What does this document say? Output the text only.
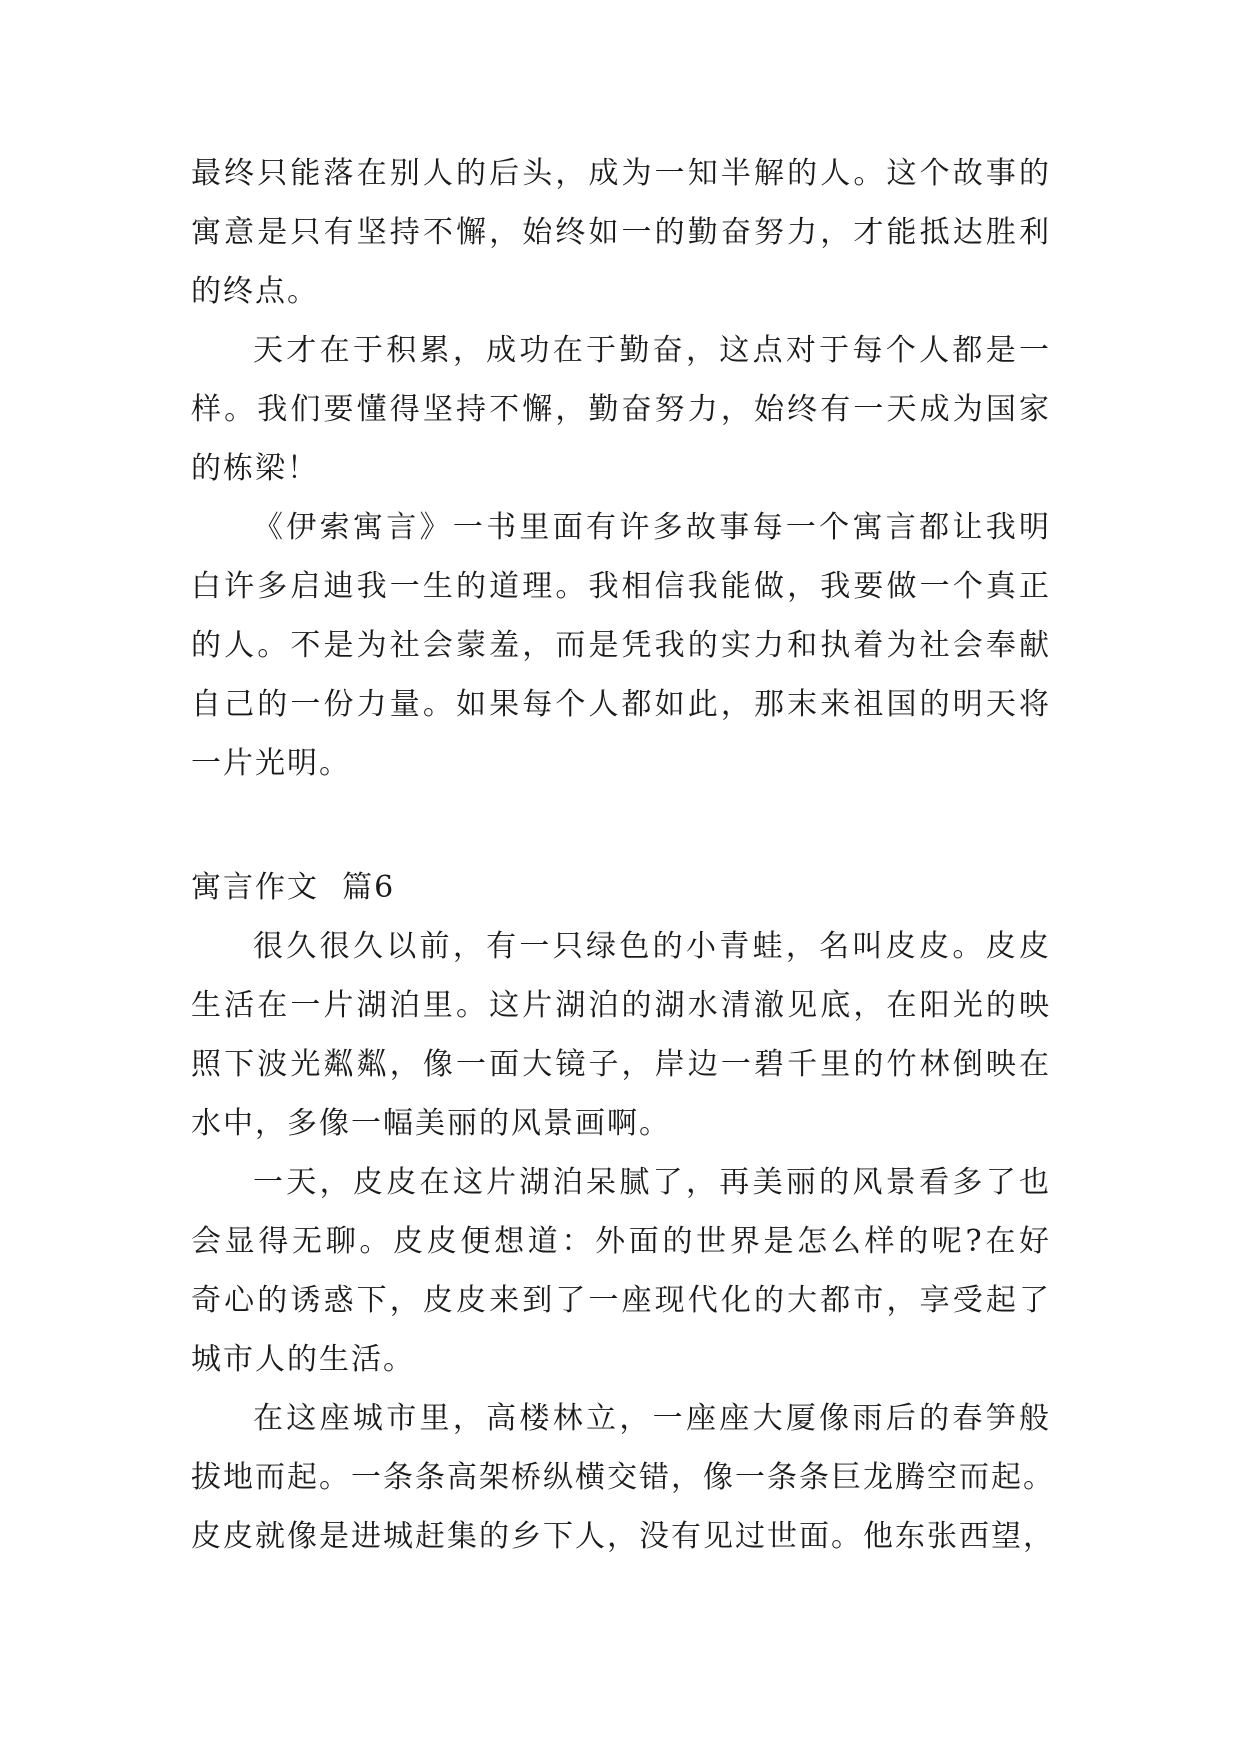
最终只能落在别人的后头，成为一知半解的人。这个故事的
寓意是只有坚持不懈，始终如一的勤奋努力，才能抵达胜利
的终点。
天才在于积累，成功在于勤奋，这点对于每个人都是一
样。我们要懂得坚持不懈，勤奋努力，始终有一天成为国家
的栋梁！
《伊索寓言》一书里面有许多故事每一个寓言都让我明
白许多启迪我一生的道理。我相信我能做，我要做一个真正
的人。不是为社会蒙羞，而是凭我的实力和执着为社会奉献
自己的一份力量。如果每个人都如此，那末来祖国的明天将
一片光明。
寓言作文 篇6
很久很久以前，有一只绿色的小青蛙，名叫皮皮。皮皮
生活在一片湖泊里。这片湖泊的湖水清澈见底，在阳光的映
照下波光粼粼，像一面大镜子，岸边一碧千里的竹林倒映在
水中，多像一幅美丽的风景画啊。
一天，皮皮在这片湖泊呆腻了，再美丽的风景看多了也
会显得无聊。皮皮便想道：外面的世界是怎么样的呢?在好
奇心的诱惑下，皮皮来到了一座现代化的大都市，享受起了
城市人的生活。
在这座城市里，高楼林立，一座座大厦像雨后的春笋般
拔地而起。一条条高架桥纵横交错，像一条条巨龙腾空而起。
皮皮就像是进城赶集的乡下人，没有见过世面。他东张西望，
